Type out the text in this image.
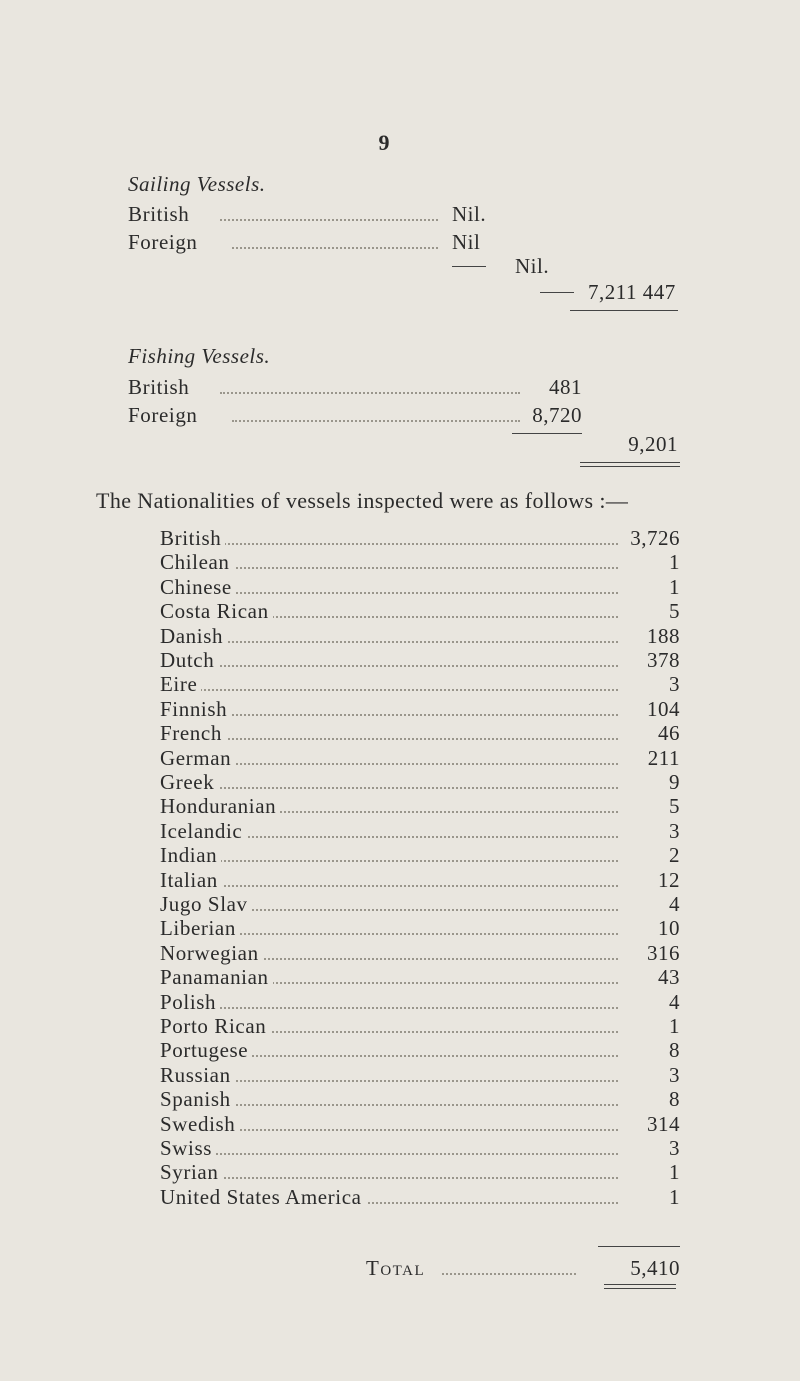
9
Sailing Vessels.
British	Nil.
Foreign	Nil
Nil.
7,211 447
Fishing Vessels.
British	481
Foreign	8,720
9,201
The Nationalities of vessels inspected were as follows :—
British	3,726
Chilean	1
Chinese	1
Costa Rican	5
Danish	188
Dutch	378
Eire	3
Finnish	104
French	46
German	211
Greek	9
Honduranian	5
Icelandic	3
Indian	2
Italian	12
Jugo Slav	4
Liberian	10
Norwegian	316
Panamanian	43
Polish	4
Porto Rican	1
Portugese	8
Russian	3
Spanish	8
Swedish	314
Swiss	3
Syrian	1
United States America	1
Total	5,410
